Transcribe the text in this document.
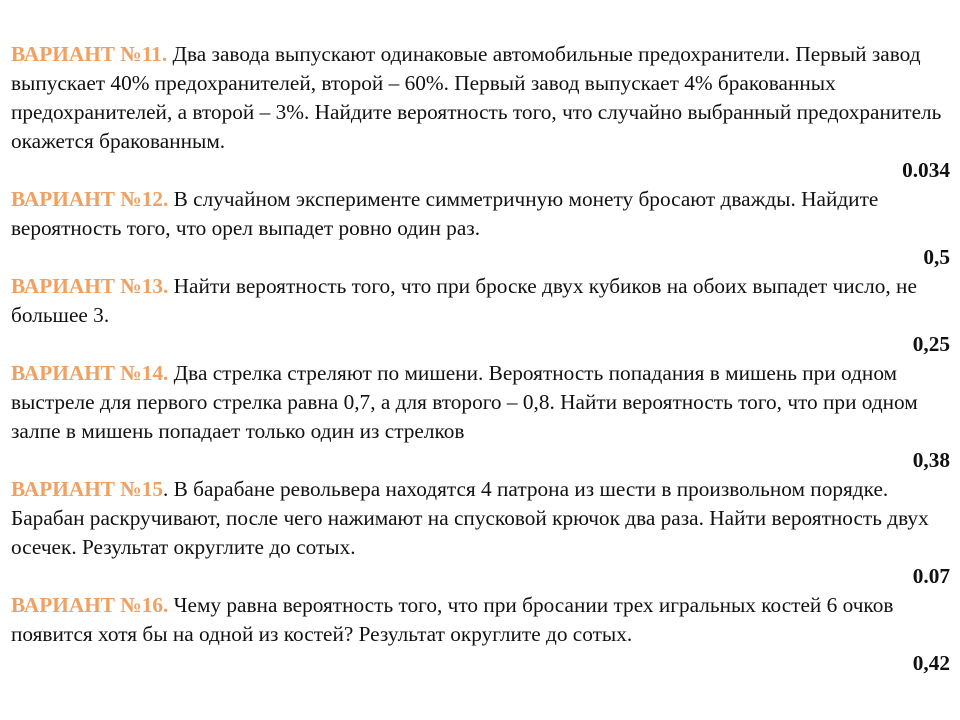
ВАРИАНТ №11. Два завода выпускают одинаковые автомобильные предохранители. Первый завод выпускает 40% предохранителей, второй – 60%. Первый завод выпускает 4% бракованных предохранителей, а второй – 3%. Найдите вероятность того, что случайно выбранный предохранитель окажется бракованным.

0.034

ВАРИАНТ №12. В случайном эксперименте симметричную монету бросают дважды. Найдите вероятность того, что орел выпадет ровно один раз.

0,5

ВАРИАНТ №13. Найти вероятность того, что при броске двух кубиков на обоих выпадет число, не большее 3.

0,25

ВАРИАНТ №14. Два стрелка стреляют по мишени. Вероятность попадания в мишень при одном выстреле для первого стрелка равна 0,7, а для второго – 0,8. Найти вероятность того, что при одном залпе в мишень попадает только один из стрелков

0,38

ВАРИАНТ №15. В барабане револьвера находятся 4 патрона из шести в произвольном порядке. Барабан раскручивают, после чего нажимают на спусковой крючок два раза. Найти вероятность двух осечек. Результат округлите до сотых.

0.07

ВАРИАНТ №16. Чему равна вероятность того, что при бросании трех игральных костей 6 очков появится хотя бы на одной из костей? Результат округлите до сотых.

0,42
